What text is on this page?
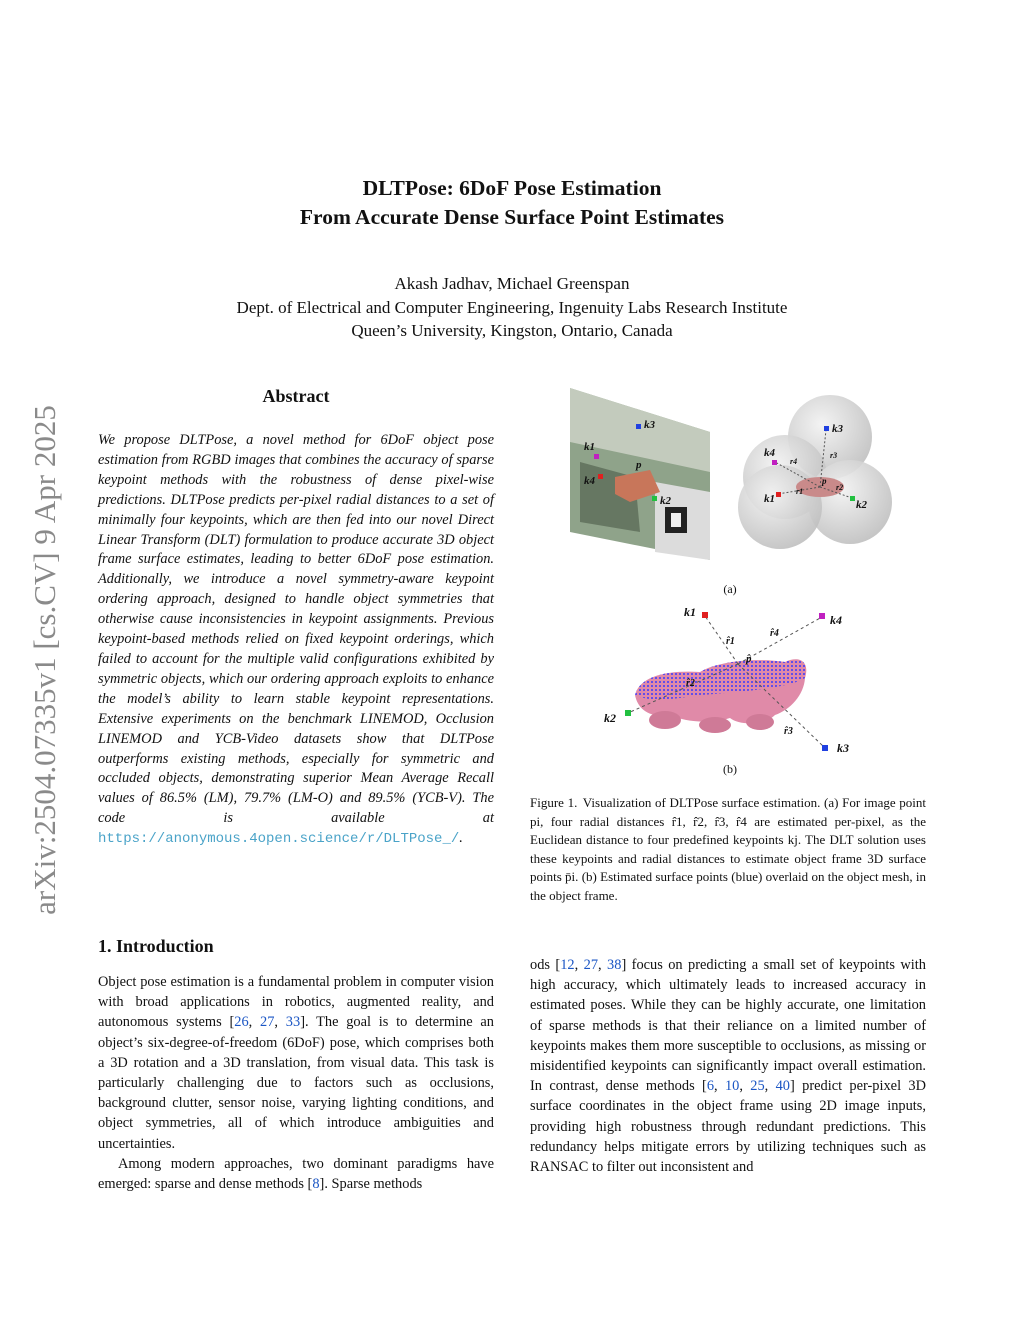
arXiv:2504.07335v1 [cs.CV] 9 Apr 2025
DLTPose: 6DoF Pose Estimation
From Accurate Dense Surface Point Estimates
Akash Jadhav, Michael Greenspan
Dept. of Electrical and Computer Engineering, Ingenuity Labs Research Institute
Queen’s University, Kingston, Ontario, Canada
Abstract
We propose DLTPose, a novel method for 6DoF object pose estimation from RGBD images that combines the accuracy of sparse keypoint methods with the robustness of dense pixel-wise predictions. DLTPose predicts per-pixel radial distances to a set of minimally four keypoints, which are then fed into our novel Direct Linear Transform (DLT) formulation to produce accurate 3D object frame surface estimates, leading to better 6DoF pose estimation. Additionally, we introduce a novel symmetry-aware keypoint ordering approach, designed to handle object symmetries that otherwise cause inconsistencies in keypoint assignments. Previous keypoint-based methods relied on fixed keypoint orderings, which failed to account for the multiple valid configurations exhibited by symmetric objects, which our ordering approach exploits to enhance the model’s ability to learn stable keypoint representations. Extensive experiments on the benchmark LINEMOD, Occlusion LINEMOD and YCB-Video datasets show that DLTPose outperforms existing methods, especially for symmetric and occluded objects, demonstrating superior Mean Average Recall values of 86.5% (LM), 79.7% (LM-O) and 89.5% (YCB-V). The code is available at https://anonymous.4open.science/r/DLTPose_/.
k3
k1
k4
p
k2
k3
k4
k1	k2
p
r4
r3
r1	r2
(a)
k1
k4
k2
k3
p̂
r̂1
r̂4
r̂2
r̂3
(b)
Figure 1. Visualization of DLTPose surface estimation. (a) For image point pi, four radial distances r̂1, r̂2, r̂3, r̂4 are estimated per-pixel, as the Euclidean distance to four predefined keypoints kj. The DLT solution uses these keypoints and radial distances to estimate object frame 3D surface points p̄i. (b) Estimated surface points (blue) overlaid on the object mesh, in the object frame.
1. Introduction

Object pose estimation is a fundamental problem in computer vision with broad applications in robotics, augmented reality, and autonomous systems [26, 27, 33]. The goal is to determine an object’s six-degree-of-freedom (6DoF) pose, which comprises both a 3D rotation and a 3D translation, from visual data. This task is particularly challenging due to factors such as occlusions, background clutter, sensor noise, varying lighting conditions, and object symmetries, all of which introduce ambiguities and uncertainties.

Among modern approaches, two dominant paradigms have emerged: sparse and dense methods [8]. Sparse methods

ods [12, 27, 38] focus on predicting a small set of keypoints with high accuracy, which ultimately leads to increased accuracy in estimated poses. While they can be highly accurate, one limitation of sparse methods is that their reliance on a limited number of keypoints makes them more susceptible to occlusions, as missing or misidentified keypoints can significantly impact overall estimation. In contrast, dense methods [6, 10, 25, 40] predict per-pixel 3D surface coordinates in the object frame using 2D image inputs, providing high robustness through redundant predictions. This redundancy helps mitigate errors by utilizing techniques such as RANSAC to filter out inconsistent and
